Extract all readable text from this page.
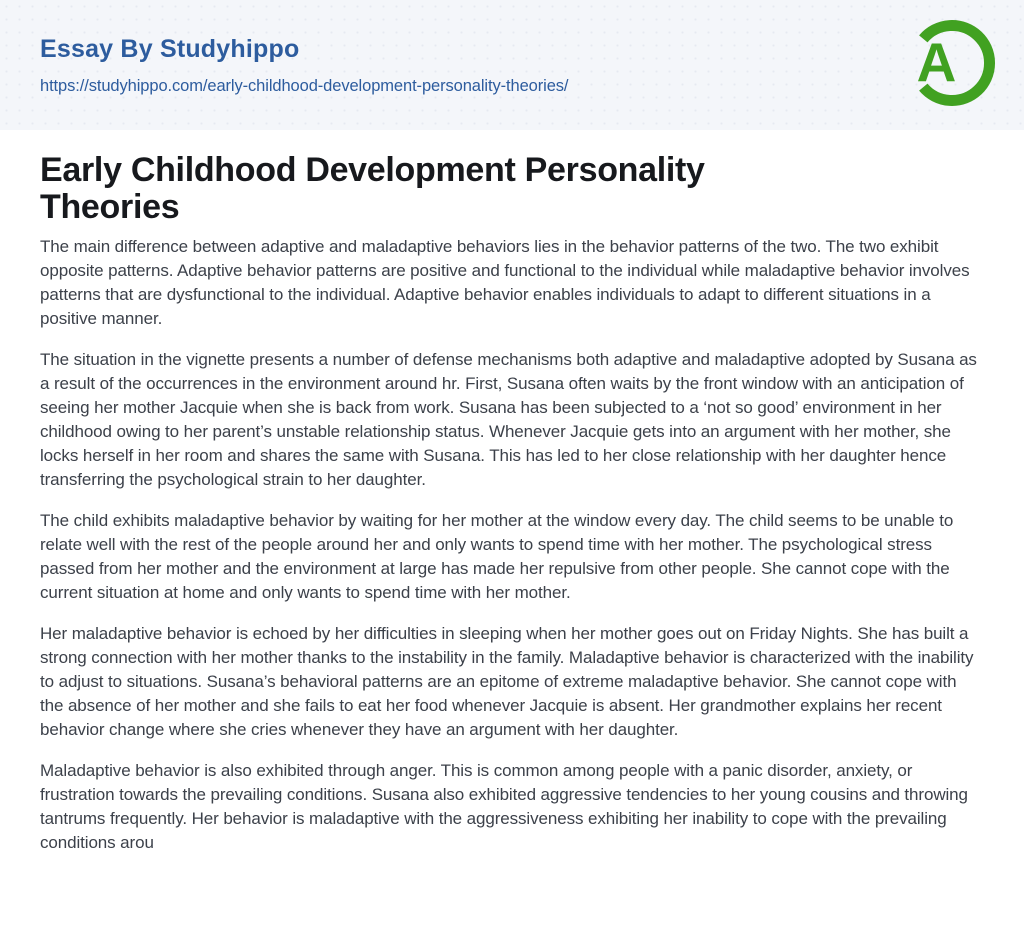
Essay By Studyhippo
https://studyhippo.com/early-childhood-development-personality-theories/	A
Early Childhood Development Personality
Theories

The main difference between adaptive and maladaptive behaviors lies in the behavior patterns of the two. The two exhibit opposite patterns. Adaptive behavior patterns are positive and functional to the individual while maladaptive behavior involves patterns that are dysfunctional to the individual. Adaptive behavior enables individuals to adapt to different situations in a positive manner.

The situation in the vignette presents a number of defense mechanisms both adaptive and maladaptive adopted by Susana as a result of the occurrences in the environment around hr. First, Susana often waits by the front window with an anticipation of seeing her mother Jacquie when she is back from work. Susana has been subjected to a ‘not so good’ environment in her childhood owing to her parent’s unstable relationship status. Whenever Jacquie gets into an argument with her mother, she locks herself in her room and shares the same with Susana. This has led to her close relationship with her daughter hence transferring the psychological strain to her daughter.

The child exhibits maladaptive behavior by waiting for her mother at the window every day. The child seems to be unable to relate well with the rest of the people around her and only wants to spend time with her mother. The psychological stress passed from her mother and the environment at large has made her repulsive from other people. She cannot cope with the current situation at home and only wants to spend time with her mother.

Her maladaptive behavior is echoed by her difficulties in sleeping when her mother goes out on Friday Nights. She has built a strong connection with her mother thanks to the instability in the family. Maladaptive behavior is characterized with the inability to adjust to situations. Susana’s behavioral patterns are an epitome of extreme maladaptive behavior. She cannot cope with the absence of her mother and she fails to eat her food whenever Jacquie is absent. Her grandmother explains her recent behavior change where she cries whenever they have an argument with her daughter.

Maladaptive behavior is also exhibited through anger. This is common among people with a panic disorder, anxiety, or frustration towards the prevailing conditions. Susana also exhibited aggressive tendencies to her young cousins and throwing tantrums frequently. Her behavior is maladaptive with the aggressiveness exhibiting her inability to cope with the prevailing conditions arou
